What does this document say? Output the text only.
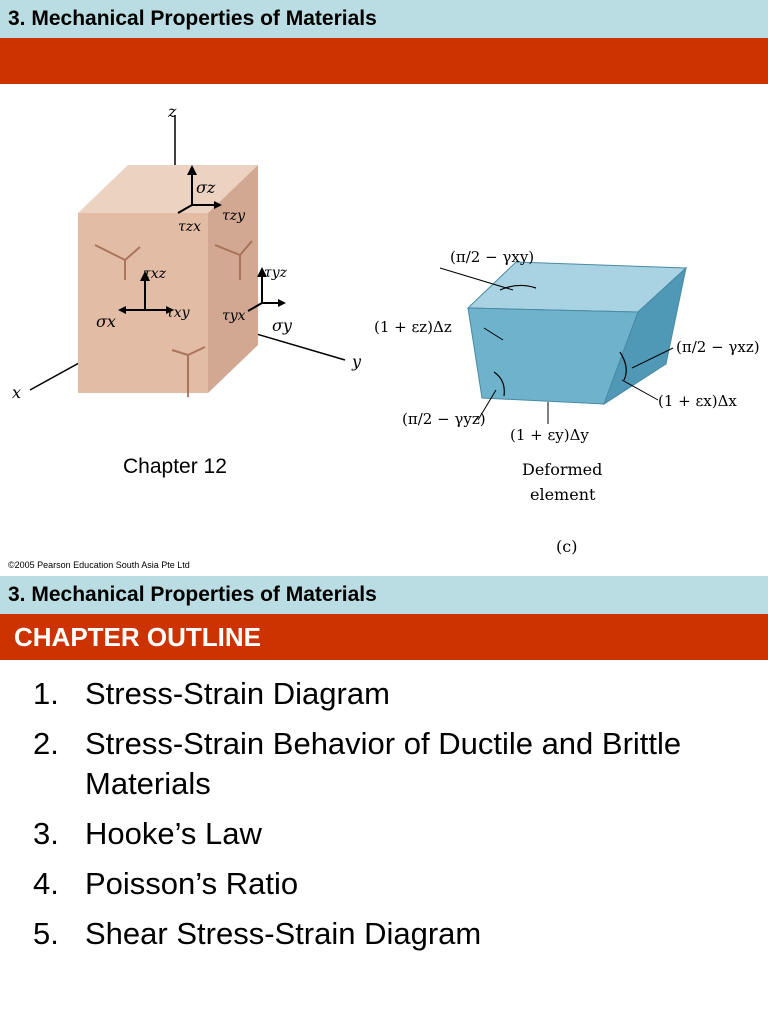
3. Mechanical Properties of Materials
z
y
x
σz
τzy
τzx
τxz
σx	τxy
τyz
τyx σy
(π/2 − γxy)
(1 + εz)Δz
(π/2 − γxz)
(1 + εx)Δx
(π/2 − γyz)
(1 + εy)Δy
Deformed
element
(c)
Chapter 12
©2005 Pearson Education South Asia Pte Ltd
3. Mechanical Properties of Materials
CHAPTER OUTLINE
1. Stress-Strain Diagram
2. Stress-Strain Behavior of Ductile and Brittle Materials
3. Hooke’s Law
4. Poisson’s Ratio
5. Shear Stress-Strain Diagram
